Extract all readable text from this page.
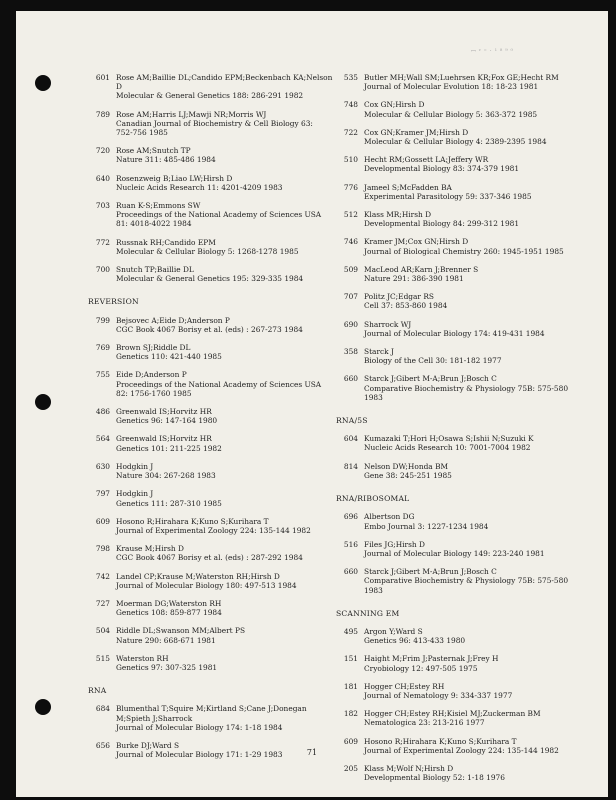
ꟷ ᶻ ⁼ · ¹ ⁸ ⁹ ⁰
601 Rose AM;Baillie DL;Candido EPM;Beckenbach KA;Nelson
D
Molecular & General Genetics 188: 286-291 1982
789 Rose AM;Harris LJ;Mawji NR;Morris WJ
Canadian Journal of Biochemistry & Cell Biology 63:
752-756 1985
720 Rose AM;Snutch TP
Nature 311: 485-486 1984
640 Rosenzweig B;Liao LW;Hirsh D
Nucleic Acids Research 11: 4201-4209 1983
703 Ruan K-S;Emmons SW
Proceedings of the National Academy of Sciences USA
81: 4018-4022 1984
772 Russnak RH;Candido EPM
Molecular & Cellular Biology 5: 1268-1278 1985
700 Snutch TP;Baillie DL
Molecular & General Genetics 195: 329-335 1984
REVERSION
799 Bejsovec A;Eide D;Anderson P
CGC Book 4067 Borisy et al. (eds) : 267-273 1984
769 Brown SJ;Riddle DL
Genetics 110: 421-440 1985
755 Eide D;Anderson P
Proceedings of the National Academy of Sciences USA
82: 1756-1760 1985
486 Greenwald IS;Horvitz HR
Genetics 96: 147-164 1980
564 Greenwald IS;Horvitz HR
Genetics 101: 211-225 1982
630 Hodgkin J
Nature 304: 267-268 1983
797 Hodgkin J
Genetics 111: 287-310 1985
609 Hosono R;Hirahara K;Kuno S;Kurihara T
Journal of Experimental Zoology 224: 135-144 1982
798 Krause M;Hirsh D
CGC Book 4067 Borisy et al. (eds) : 287-292 1984
742 Landel CP;Krause M;Waterston RH;Hirsh D
Journal of Molecular Biology 180: 497-513 1984
727 Moerman DG;Waterston RH
Genetics 108: 859-877 1984
504 Riddle DL;Swanson MM;Albert PS
Nature 290: 668-671 1981
515 Waterston RH
Genetics 97: 307-325 1981
RNA
684 Blumenthal T;Squire M;Kirtland S;Cane J;Donegan
M;Spieth J;Sharrock
Journal of Molecular Biology 174: 1-18 1984
656 Burke DJ;Ward S
Journal of Molecular Biology 171: 1-29 1983
535 Butler MH;Wall SM;Luehrsen KR;Fox GE;Hecht RM
Journal of Molecular Evolution 18: 18-23 1981
748 Cox GN;Hirsh D
Molecular & Cellular Biology 5: 363-372 1985
722 Cox GN;Kramer JM;Hirsh D
Molecular & Cellular Biology 4: 2389-2395 1984
510 Hecht RM;Gossett LA;Jeffery WR
Developmental Biology 83: 374-379 1981
776 Jameel S;McFadden BA
Experimental Parasitology 59: 337-346 1985
512 Klass MR;Hirsh D
Developmental Biology 84: 299-312 1981
746 Kramer JM;Cox GN;Hirsh D
Journal of Biological Chemistry 260: 1945-1951 1985
509 MacLeod AR;Karn J;Brenner S
Nature 291: 386-390 1981
707 Politz JC;Edgar RS
Cell 37: 853-860 1984
690 Sharrock WJ
Journal of Molecular Biology 174: 419-431 1984
358 Starck J
Biology of the Cell 30: 181-182 1977
660 Starck J;Gibert M-A;Brun J;Bosch C
Comparative Biochemistry & Physiology 75B: 575-580
1983
RNA/5S
604 Kumazaki T;Hori H;Osawa S;Ishii N;Suzuki K
Nucleic Acids Research 10: 7001-7004 1982
814 Nelson DW;Honda BM
Gene 38: 245-251 1985
RNA/RIBOSOMAL
696 Albertson DG
Embo Journal 3: 1227-1234 1984
516 Files JG;Hirsh D
Journal of Molecular Biology 149: 223-240 1981
660 Starck J;Gibert M-A;Brun J;Bosch C
Comparative Biochemistry & Physiology 75B: 575-580
1983
SCANNING EM
495 Argon Y;Ward S
Genetics 96: 413-433 1980
151 Haight M;Frim J;Pasternak J;Frey H
Cryobiology 12: 497-505 1975
181 Hogger CH;Estey RH
Journal of Nematology 9: 334-337 1977
182 Hogger CH;Estey RH;Kisiel MJ;Zuckerman BM
Nematologica 23: 213-216 1977
609 Hosono R;Hirahara K;Kuno S;Kurihara T
Journal of Experimental Zoology 224: 135-144 1982
205 Klass M;Wolf N;Hirsh D
Developmental Biology 52: 1-18 1976
71
